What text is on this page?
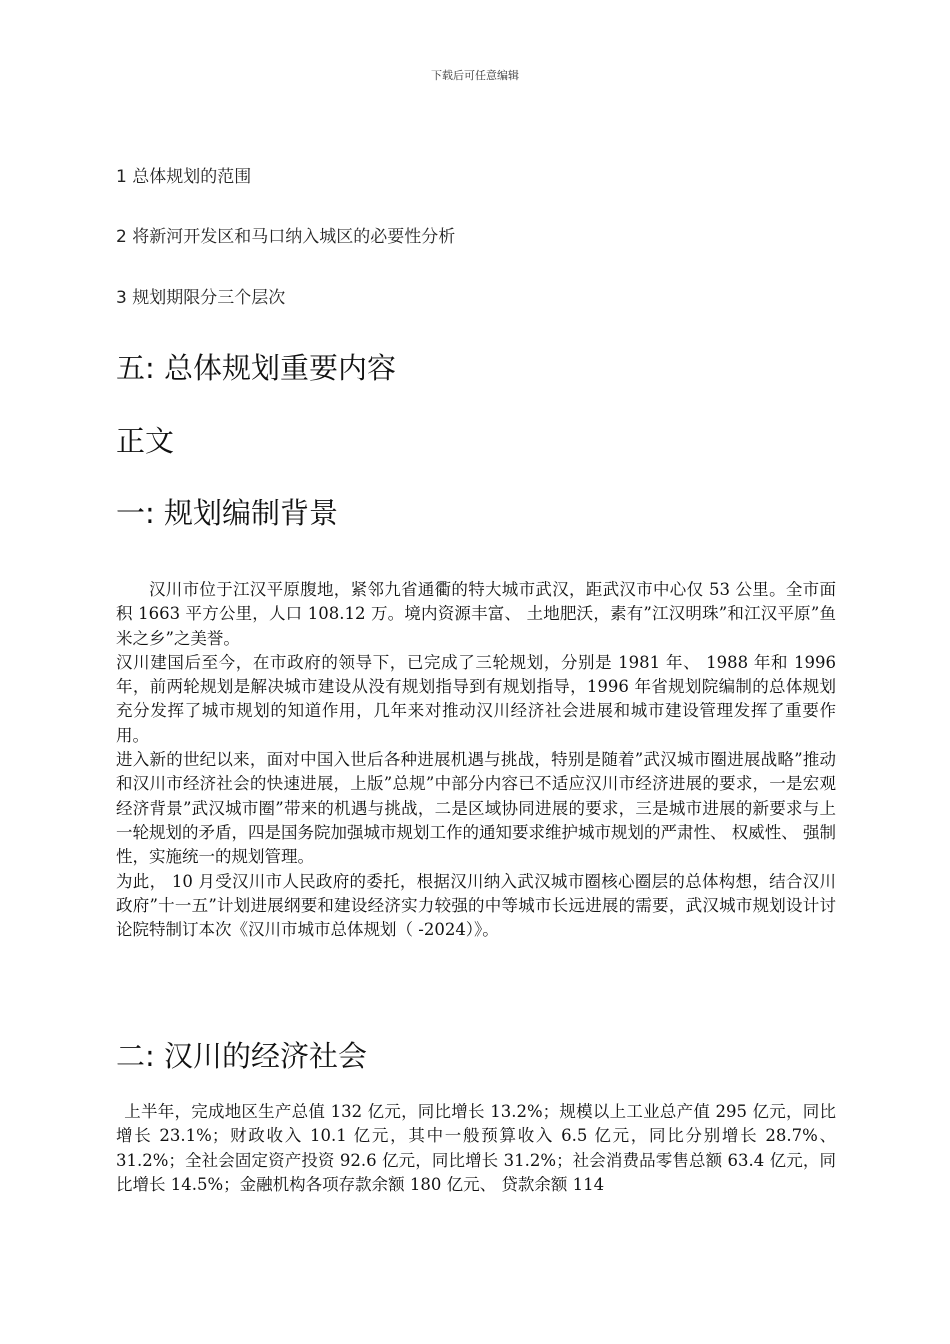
下载后可任意编辑
1 总体规划的范围
2 将新河开发区和马口纳入城区的必要性分析
3 规划期限分三个层次
五: 总体规划重要内容
正文
一: 规划编制背景

汉川市位于江汉平原腹地，紧邻九省通衢的特大城市武汉，距武汉市中心仅 53 公里。全市面积 1663 平方公里，人口 108.12 万。境内资源丰富、 土地肥沃，素有”江汉明珠”和江汉平原”鱼米之乡”之美誉。

汉川建国后至今，在市政府的领导下，已完成了三轮规划，分别是 1981 年、 1988 年和 1996 年，前两轮规划是解决城市建设从没有规划指导到有规划指导，1996 年省规划院编制的总体规划充分发挥了城市规划的知道作用，几年来对推动汉川经济社会进展和城市建设管理发挥了重要作用。

进入新的世纪以来，面对中国入世后各种进展机遇与挑战，特别是随着”武汉城市圈进展战略”推动和汉川市经济社会的快速进展，上版”总规”中部分内容已不适应汉川市经济进展的要求，一是宏观经济背景”武汉城市圈”带来的机遇与挑战，二是区域协同进展的要求，三是城市进展的新要求与上一轮规划的矛盾，四是国务院加强城市规划工作的通知要求维护城市规划的严肃性、 权威性、 强制性，实施统一的规划管理。

为此， 10 月受汉川市人民政府的委托，根据汉川纳入武汉城市圈核心圈层的总体构想，结合汉川政府”十一五”计划进展纲要和建设经济实力较强的中等城市长远进展的需要，武汉城市规划设计讨论院特制订本次《汉川市城市总体规划（ -2024）》。

二: 汉川的经济社会

上半年，完成地区生产总值 132 亿元，同比增长 13.2%；规模以上工业总产值 295 亿元，同比增长 23.1%；财政收入 10.1 亿元，其中一般预算收入 6.5 亿元，同比分别增长 28.7%、 31.2%；全社会固定资产投资 92.6 亿元，同比增长 31.2%；社会消费品零售总额 63.4 亿元，同比增长 14.5%；金融机构各项存款余额 180 亿元、 贷款余额 114
